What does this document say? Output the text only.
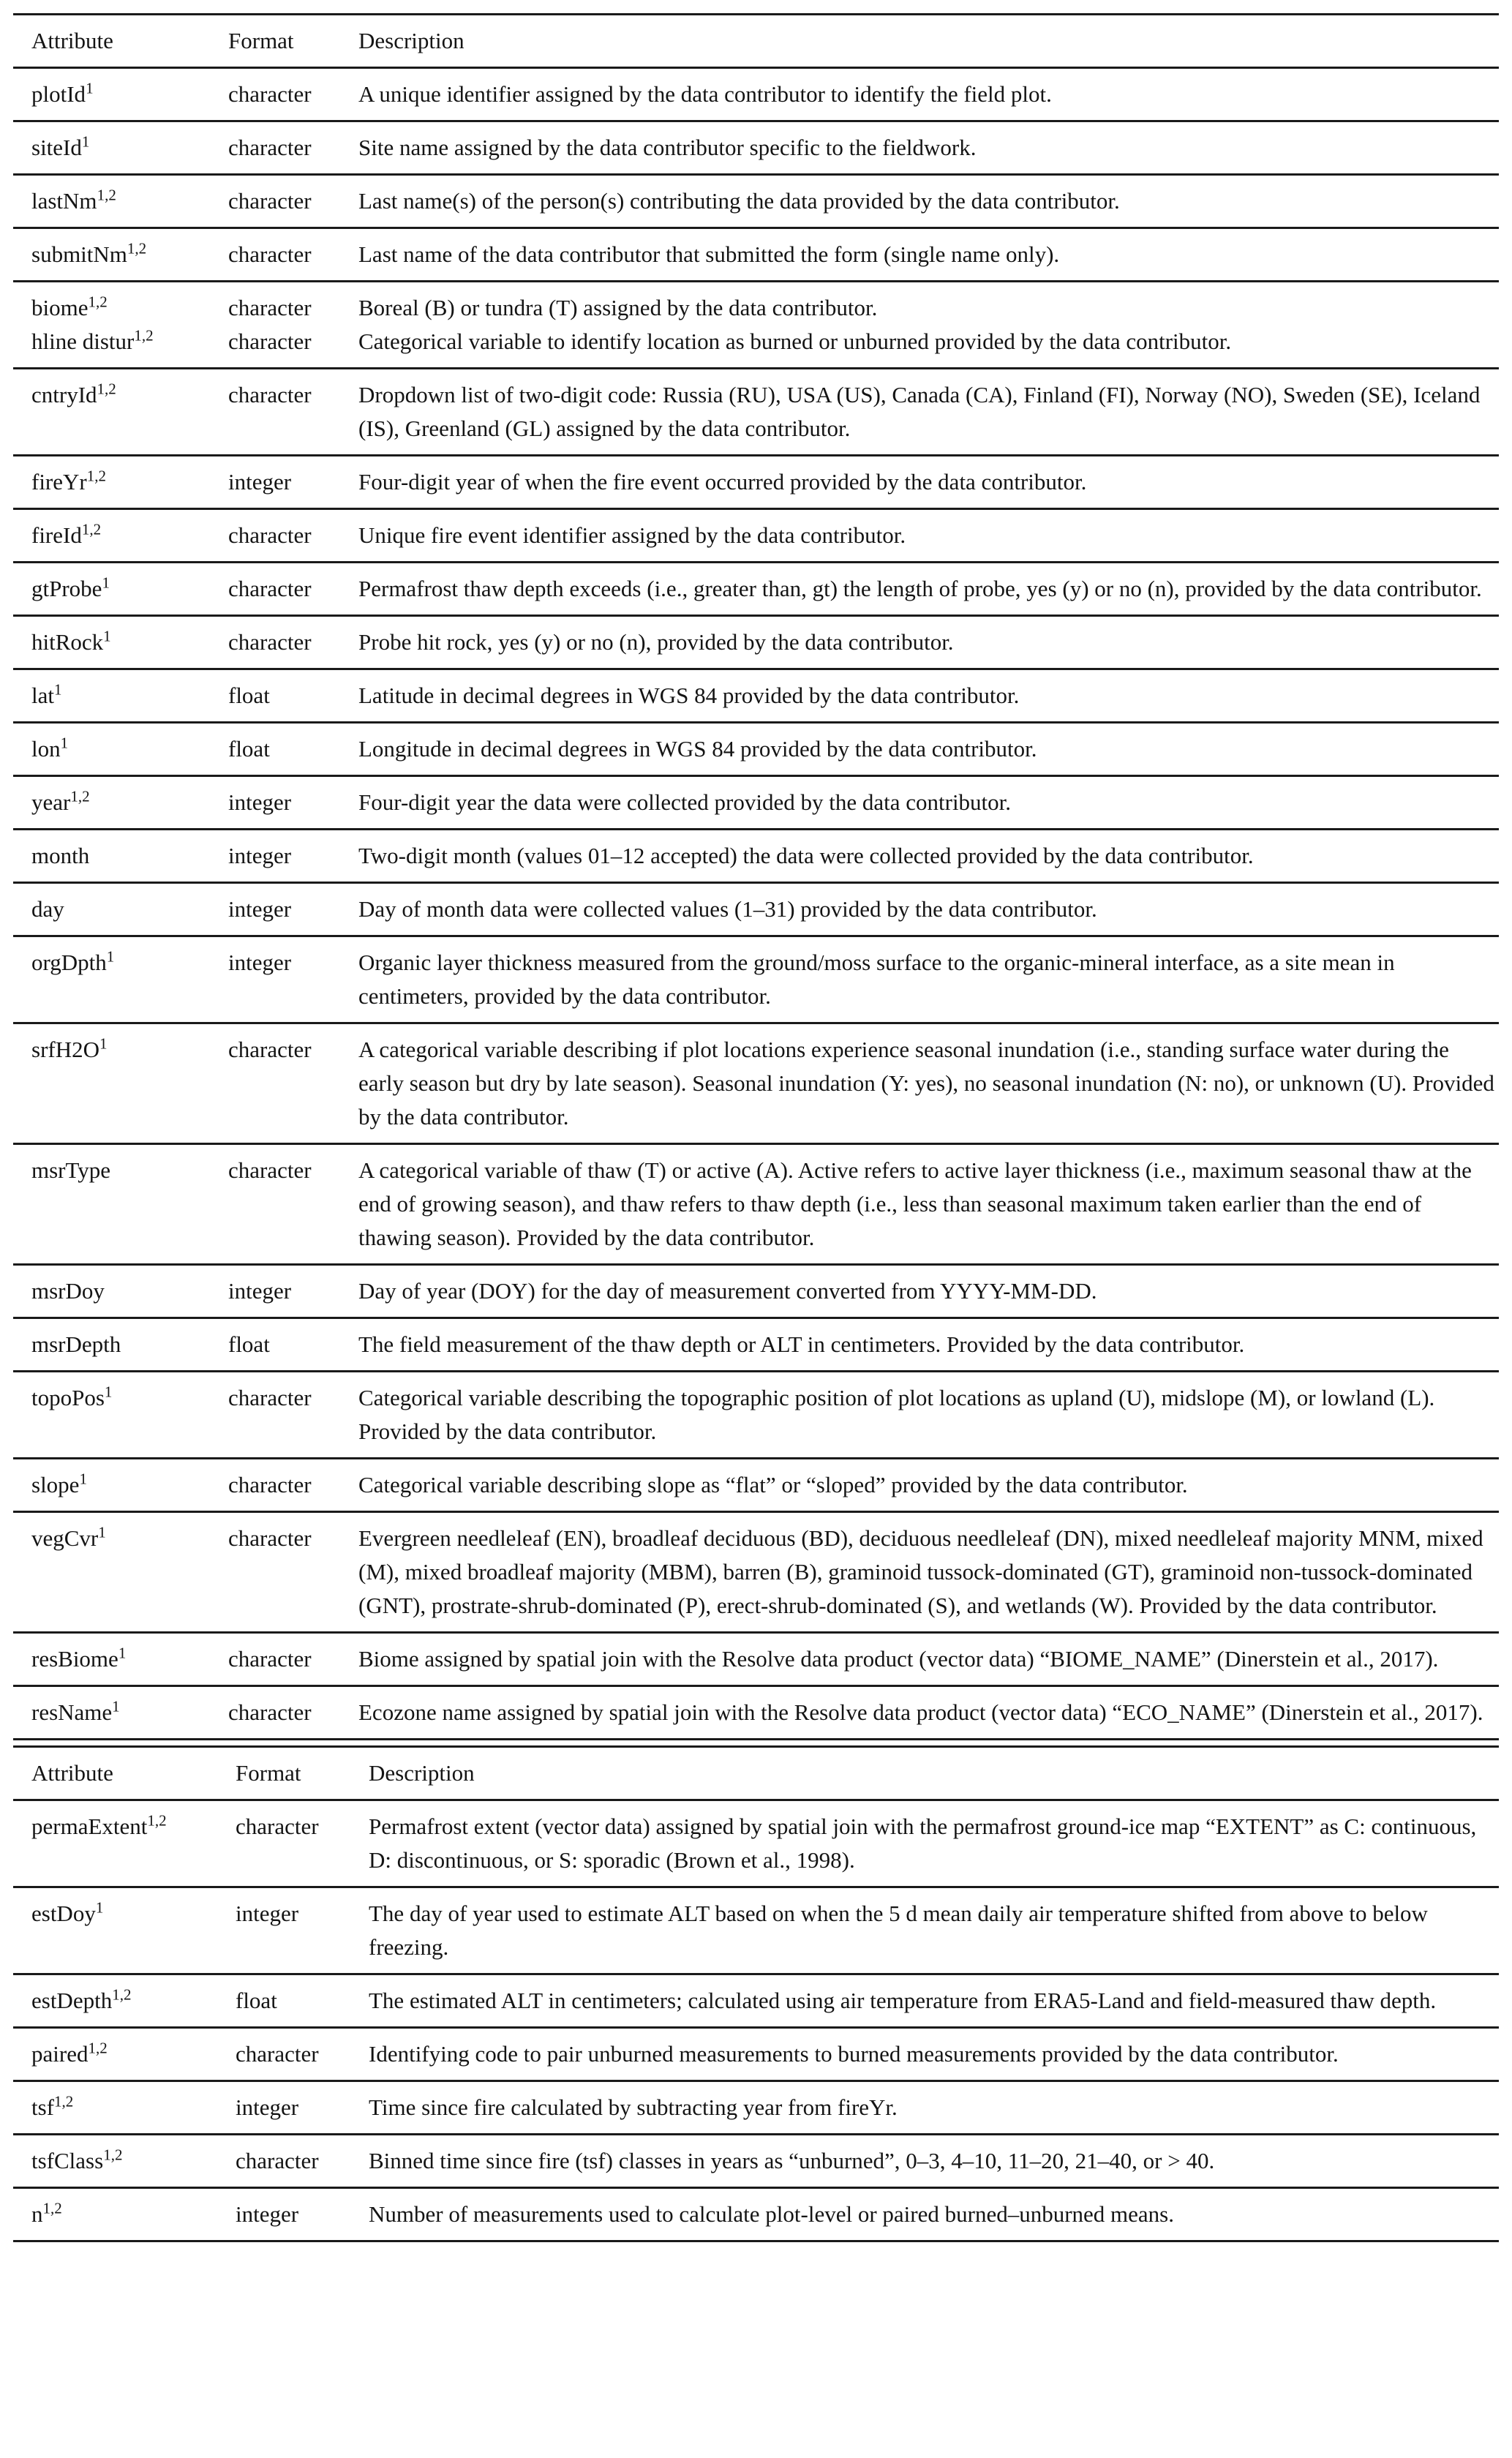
Attribute	Format	Description
plotId$^1$	character	A unique identifier assigned by the data contributor to identify the field plot.
siteId$^1$	character	Site name assigned by the data contributor specific to the fieldwork.
lastNm$^{1,2}$	character	Last name(s) of the person(s) contributing the data provided by the data contributor.
submitNm$^{1,2}$	character	Last name of the data contributor that submitted the form (single name only).
biome$^{1,2}$	character	Boreal (B) or tundra (T) assigned by the data contributor.
hline distur$^{1,2}$	character	Categorical variable to identify location as burned or unburned provided by the data contributor.
cntryId$^{1,2}$	character	Dropdown list of two-digit code: Russia (RU), USA (US), Canada (CA), Finland (FI), Norway (NO), Sweden (SE), Iceland (IS), Greenland (GL) assigned by the data contributor.
fireYr$^{1,2}$	integer	Four-digit year of when the fire event occurred provided by the data contributor.
fireId$^{1,2}$	character	Unique fire event identifier assigned by the data contributor.
gtProbe$^1$	character	Permafrost thaw depth exceeds (i.e., greater than, gt) the length of probe, yes (y) or no (n), provided by the data contributor.
hitRock$^1$	character	Probe hit rock, yes (y) or no (n), provided by the data contributor.
lat$^1$	float	Latitude in decimal degrees in WGS 84 provided by the data contributor.
lon$^1$	float	Longitude in decimal degrees in WGS 84 provided by the data contributor.
year$^{1,2}$	integer	Four-digit year the data were collected provided by the data contributor.
month	integer	Two-digit month (values 01–12 accepted) the data were collected provided by the data contributor.
day	integer	Day of month data were collected values (1–31) provided by the data contributor.
orgDpth$^1$	integer	Organic layer thickness measured from the ground/moss surface to the organic-mineral interface, as a site mean in centimeters, provided by the data contributor.
$srfH2O^1$	character	A categorical variable describing if plot locations experience seasonal inundation (i.e., standing surface water during the early season but dry by late season). Seasonal inundation (Y: yes), no seasonal inundation (N: no), or unknown (U). Provided by the data contributor.
msrType	character	A categorical variable of thaw (T) or active (A). Active refers to active layer thickness (i.e., maximum seasonal thaw at the end of growing season), and thaw refers to thaw depth (i.e., less than seasonal maximum taken earlier than the end of thawing season). Provided by the data contributor.
msrDoy	integer	Day of year (DOY) for the day of measurement converted from YYYY-MM-DD.
msrDepth	float	The field measurement of the thaw depth or ALT in centimeters. Provided by the data contributor.
topoPos$^1$	character	Categorical variable describing the topographic position of plot locations as upland (U), midslope (M), or lowland (L). Provided by the data contributor.
slope$^1$	character	Categorical variable describing slope as “flat” or “sloped” provided by the data contributor.
vegCvr$^1$	character	Evergreen needleleaf (EN), broadleaf deciduous (BD), deciduous needleleaf (DN), mixed needleleaf majority MNM, mixed (M), mixed broadleaf majority (MBM), barren (B), graminoid tussock-dominated (GT), graminoid non-tussock-dominated (GNT), prostrate-shrub-dominated (P), erect-shrub-dominated (S), and wetlands (W). Provided by the data contributor.
resBiome$^1$	character	Biome assigned by spatial join with the Resolve data product (vector data) “BIOME_NAME” (Dinerstein et al., 2017).
resName$^1$	character	Ecozone name assigned by spatial join with the Resolve data product (vector data) “ECO_NAME” (Dinerstein et al., 2017).
Attribute	Format	Description
permaExtent$^{1,2}$	character	Permafrost extent (vector data) assigned by spatial join with the permafrost ground-ice map “EXTENT” as C: continuous, D: discontinuous, or S: sporadic (Brown et al., 1998).
estDoy$^1$	integer	The day of year used to estimate ALT based on when the 5 d mean daily air temperature shifted from above to below freezing.
estDepth$^{1,2}$	float	The estimated ALT in centimeters; calculated using air temperature from ERA5-Land and field-measured thaw depth.
paired$^{1,2}$	character	Identifying code to pair unburned measurements to burned measurements provided by the data contributor.
tsf$^{1,2}$	integer	Time since fire calculated by subtracting year from fireYr.
tsfClass$^{1,2}$	character	Binned time since fire (tsf) classes in years as “unburned”, 0–3, 4–10, 11–20, 21–40, or > 40.
$n^{1,2}$	integer	Number of measurements used to calculate plot-level or paired burned–unburned means.
